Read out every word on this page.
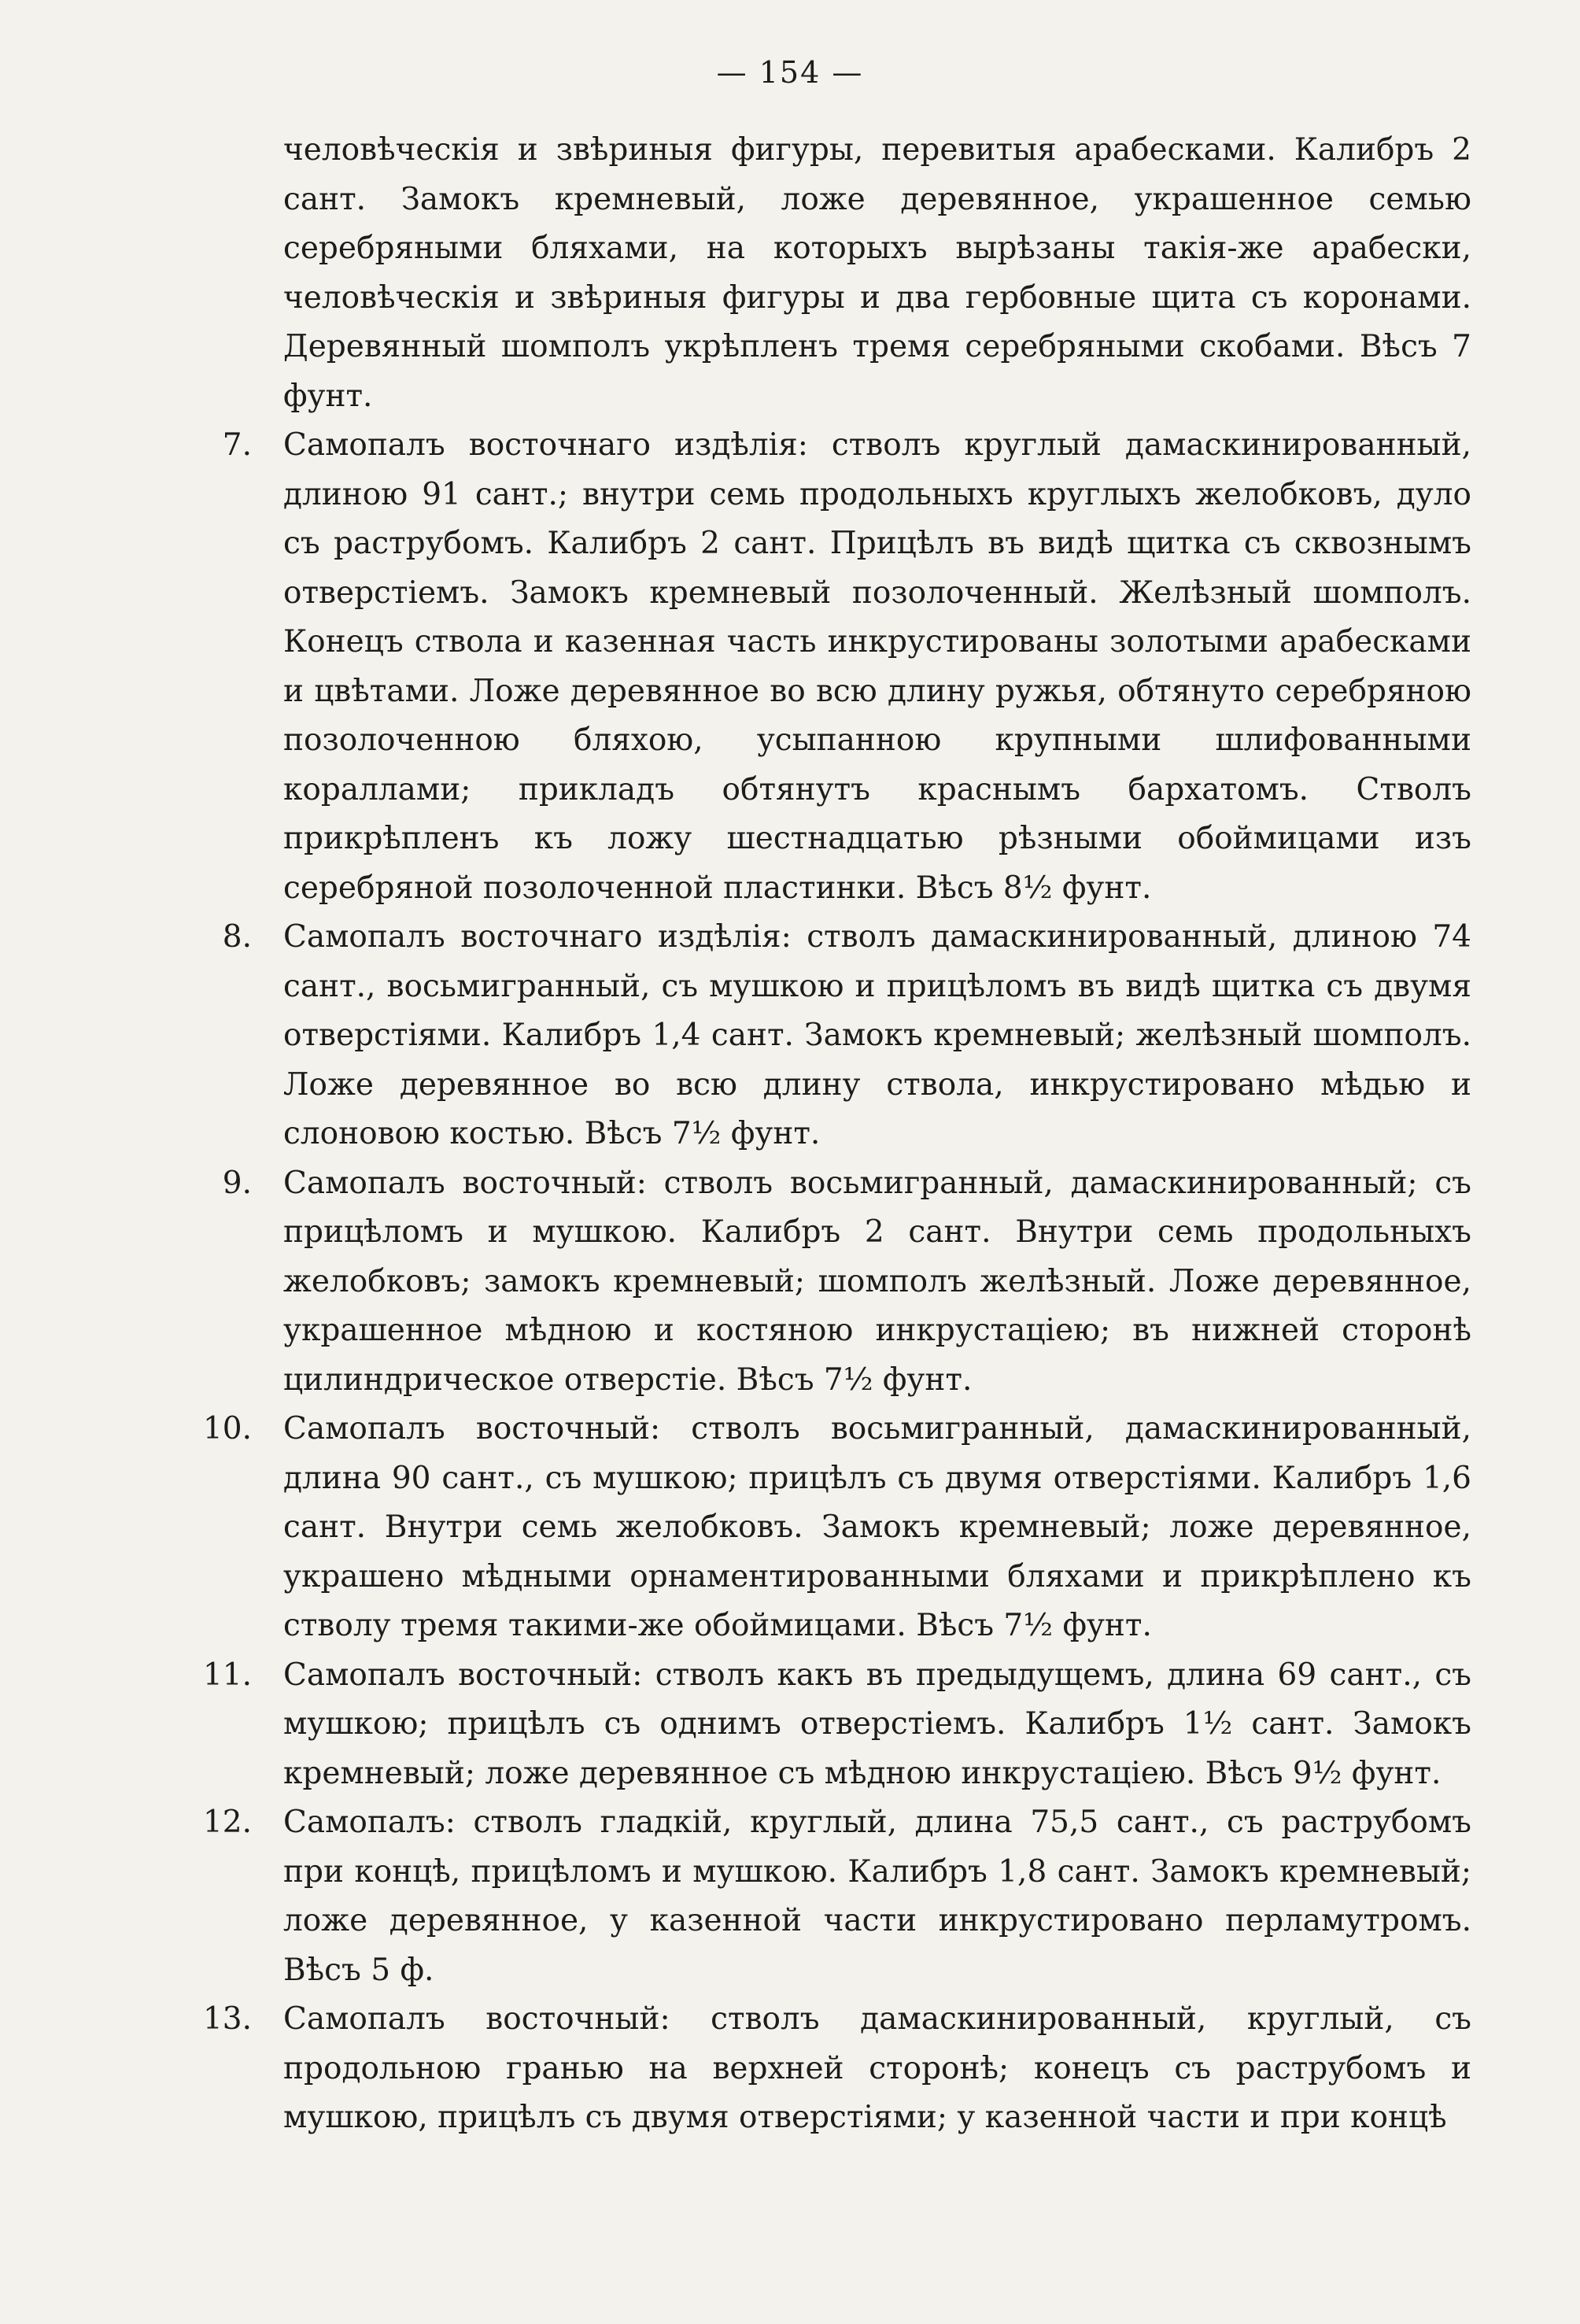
— 154 —

человѣческія и звѣриныя фигуры, перевитыя арабесками. Калибръ 2 сант. Замокъ кремневый, ложе деревянное, украшенное семью серебряными бляхами, на которыхъ вырѣзаны такія-же арабески, человѣческія и звѣриныя фигуры и два гербовные щита съ коронами. Деревянный шомполъ укрѣпленъ тремя серебряными скобами. Вѣсъ 7 фунт.

7. Самопалъ восточнаго издѣлія: стволъ круглый дамаскинированный, длиною 91 сант.; внутри семь продольныхъ круглыхъ желобковъ, дуло съ раструбомъ. Калибръ 2 сант. Прицѣлъ въ видѣ щитка съ сквознымъ отверстіемъ. Замокъ кремневый позолоченный. Желѣзный шомполъ. Конецъ ствола и казенная часть инкрустированы золотыми арабесками и цвѣтами. Ложе деревянное во всю длину ружья, обтянуто серебряною позолоченною бляхою, усыпанною крупными шлифованными кораллами; прикладъ обтянутъ краснымъ бархатомъ. Стволъ прикрѣпленъ къ ложу шестнадцатью рѣзными обоймицами изъ серебряной позолоченной пластинки. Вѣсъ 8½ фунт.
8. Самопалъ восточнаго издѣлія: стволъ дамаскинированный, длиною 74 сант., восьмигранный, съ мушкою и прицѣломъ въ видѣ щитка съ двумя отверстіями. Калибръ 1,4 сант. Замокъ кремневый; желѣзный шомполъ. Ложе деревянное во всю длину ствола, инкрустировано мѣдью и слоновою костью. Вѣсъ 7½ фунт.
9. Самопалъ восточный: стволъ восьмигранный, дамаскинированный; съ прицѣломъ и мушкою. Калибръ 2 сант. Внутри семь продольныхъ желобковъ; замокъ кремневый; шомполъ желѣзный. Ложе деревянное, украшенное мѣдною и костяною инкрустаціею; въ нижней сторонѣ цилиндрическое отверстіе. Вѣсъ 7½ фунт.
10. Самопалъ восточный: стволъ восьмигранный, дамаскинированный, длина 90 сант., съ мушкою; прицѣлъ съ двумя отверстіями. Калибръ 1,6 сант. Внутри семь желобковъ. Замокъ кремневый; ложе деревянное, украшено мѣдными орнаментированными бляхами и прикрѣплено къ стволу тремя такими-же обоймицами. Вѣсъ 7½ фунт.
11. Самопалъ восточный: стволъ какъ въ предыдущемъ, длина 69 сант., съ мушкою; прицѣлъ съ однимъ отверстіемъ. Калибръ 1½ сант. Замокъ кремневый; ложе деревянное съ мѣдною инкрустаціею. Вѣсъ 9½ фунт.
12. Самопалъ: стволъ гладкій, круглый, длина 75,5 сант., съ раструбомъ при концѣ, прицѣломъ и мушкою. Калибръ 1,8 сант. Замокъ кремневый; ложе деревянное, у казенной части инкрустировано перламутромъ. Вѣсъ 5 ф.
13. Самопалъ восточный: стволъ дамаскинированный, круглый, съ продольною гранью на верхней сторонѣ; конецъ съ раструбомъ и мушкою, прицѣлъ съ двумя отверстіями; у казенной части и при концѣ
